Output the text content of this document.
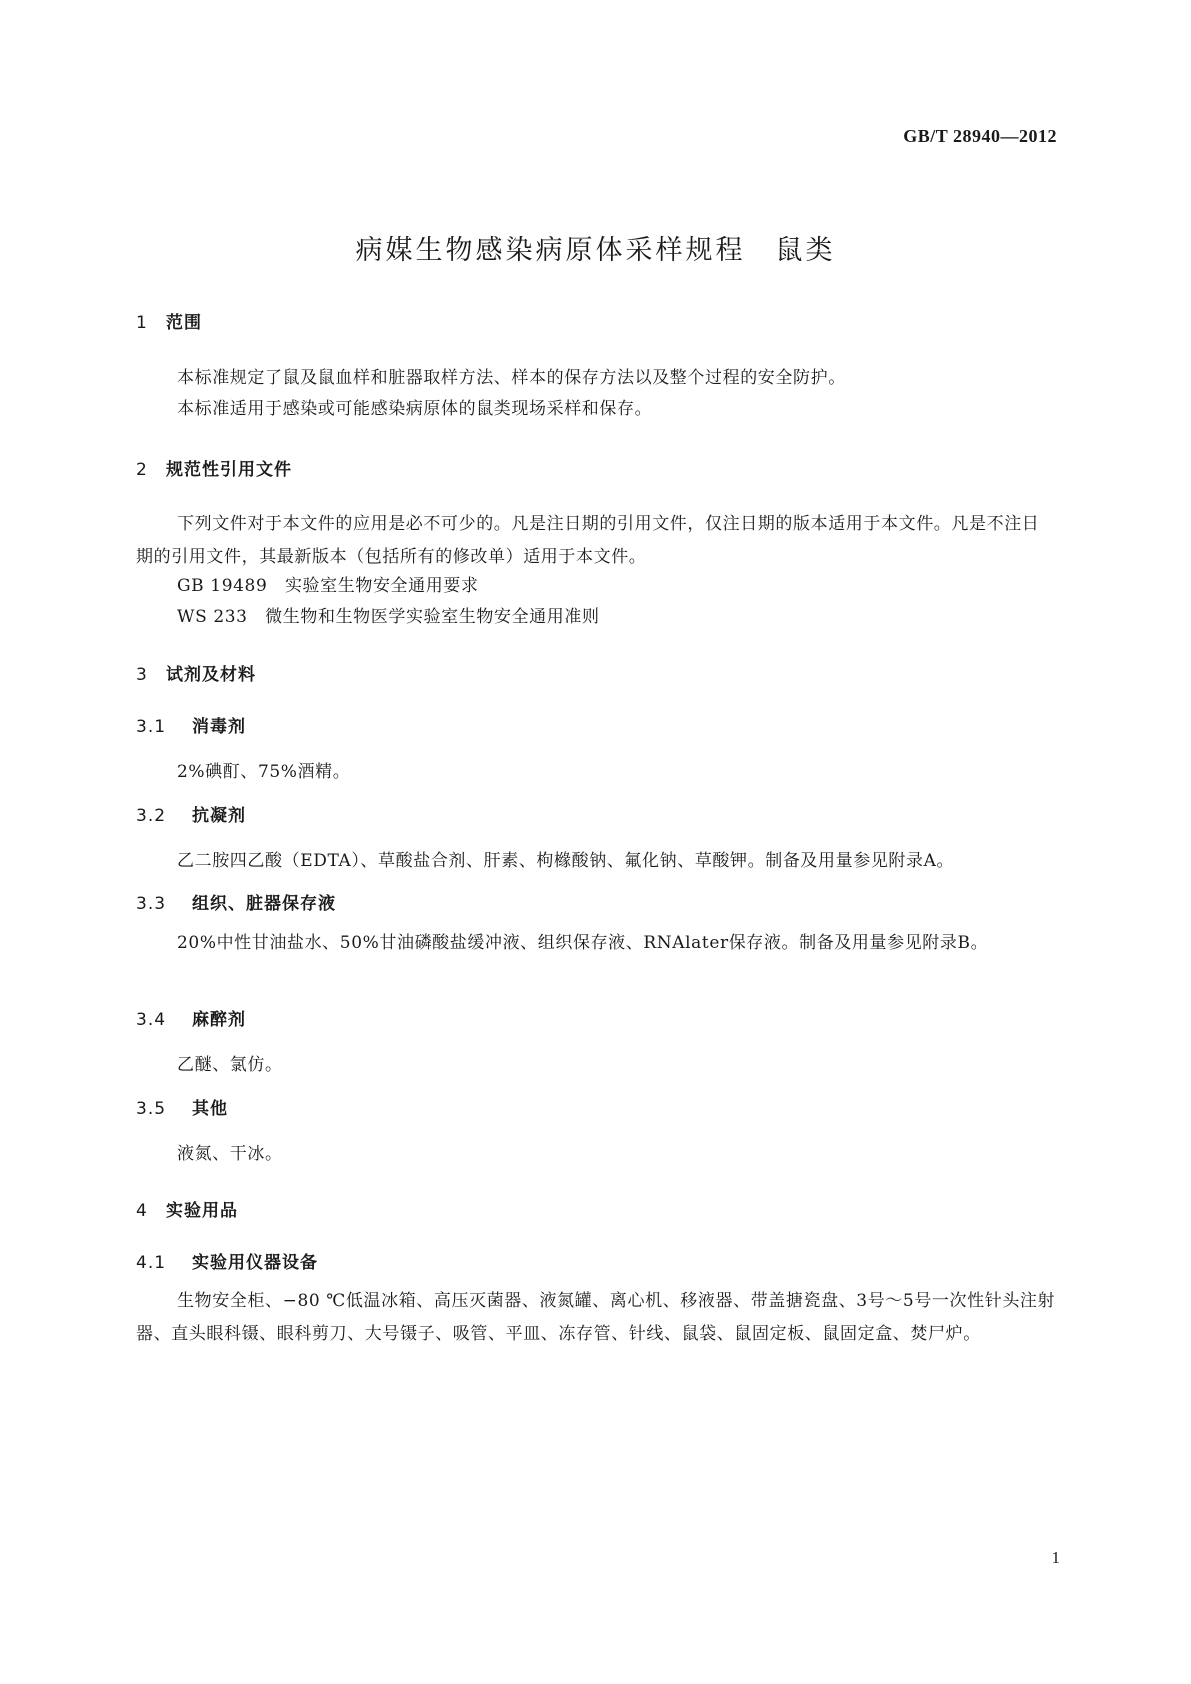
GB/T 28940—2012
病媒生物感染病原体采样规程　鼠类
1 范围
本标准规定了鼠及鼠血样和脏器取样方法、样本的保存方法以及整个过程的安全防护。
本标准适用于感染或可能感染病原体的鼠类现场采样和保存。
2 规范性引用文件
下列文件对于本文件的应用是必不可少的。凡是注日期的引用文件，仅注日期的版本适用于本文件。凡是不注日期的引用文件，其最新版本（包括所有的修改单）适用于本文件。
GB 19489　实验室生物安全通用要求
WS 233　微生物和生物医学实验室生物安全通用准则
3 试剂及材料
3.1 消毒剂
2%碘酊、75%酒精。
3.2 抗凝剂
乙二胺四乙酸（EDTA）、草酸盐合剂、肝素、枸橼酸钠、氟化钠、草酸钾。制备及用量参见附录A。
3.3 组织、脏器保存液
20%中性甘油盐水、50%甘油磷酸盐缓冲液、组织保存液、RNAlater保存液。制备及用量参见附录B。
3.4 麻醉剂
乙醚、氯仿。
3.5 其他
液氮、干冰。
4 实验用品
4.1 实验用仪器设备
生物安全柜、−80 ℃低温冰箱、高压灭菌器、液氮罐、离心机、移液器、带盖搪瓷盘、3号～5号一次性针头注射器、直头眼科镊、眼科剪刀、大号镊子、吸管、平皿、冻存管、针线、鼠袋、鼠固定板、鼠固定盒、焚尸炉。
1
